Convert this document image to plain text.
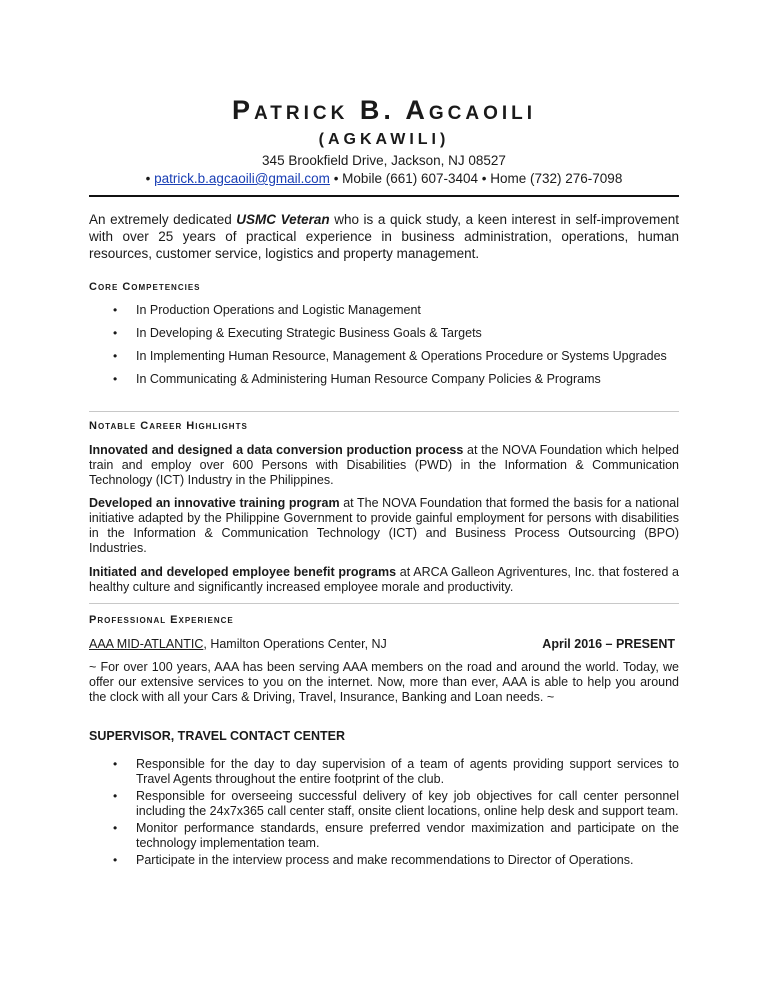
Patrick B. Agcaoili
(AGKAWILI)
345 Brookfield Drive, Jackson, NJ 08527
• patrick.b.agcaoili@gmail.com • Mobile (661) 607-3404 • Home (732) 276-7098
An extremely dedicated USMC Veteran who is a quick study, a keen interest in self-improvement with over 25 years of practical experience in business administration, operations, human resources, customer service, logistics and property management.
Core Competencies
• In Production Operations and Logistic Management
• In Developing & Executing Strategic Business Goals & Targets
• In Implementing Human Resource, Management & Operations Procedure or Systems Upgrades
• In Communicating & Administering Human Resource Company Policies & Programs
Notable Career Highlights
Innovated and designed a data conversion production process at the NOVA Foundation which helped train and employ over 600 Persons with Disabilities (PWD) in the Information & Communication Technology (ICT) Industry in the Philippines.
Developed an innovative training program at The NOVA Foundation that formed the basis for a national initiative adapted by the Philippine Government to provide gainful employment for persons with disabilities in the Information & Communication Technology (ICT) and Business Process Outsourcing (BPO) Industries.
Initiated and developed employee benefit programs at ARCA Galleon Agriventures, Inc. that fostered a healthy culture and significantly increased employee morale and productivity.
Professional Experience
AAA MID-ATLANTIC, Hamilton Operations Center, NJ	April 2016 – PRESENT
~ For over 100 years, AAA has been serving AAA members on the road and around the world. Today, we offer our extensive services to you on the internet. Now, more than ever, AAA is able to help you around the clock with all your Cars & Driving, Travel, Insurance, Banking and Loan needs. ~
SUPERVISOR, TRAVEL CONTACT CENTER
• Responsible for the day to day supervision of a team of agents providing support services to Travel Agents throughout the entire footprint of the club.
• Responsible for overseeing successful delivery of key job objectives for call center personnel including the 24x7x365 call center staff, onsite client locations, online help desk and support team.
• Monitor performance standards, ensure preferred vendor maximization and participate on the technology implementation team.
• Participate in the interview process and make recommendations to Director of Operations.
